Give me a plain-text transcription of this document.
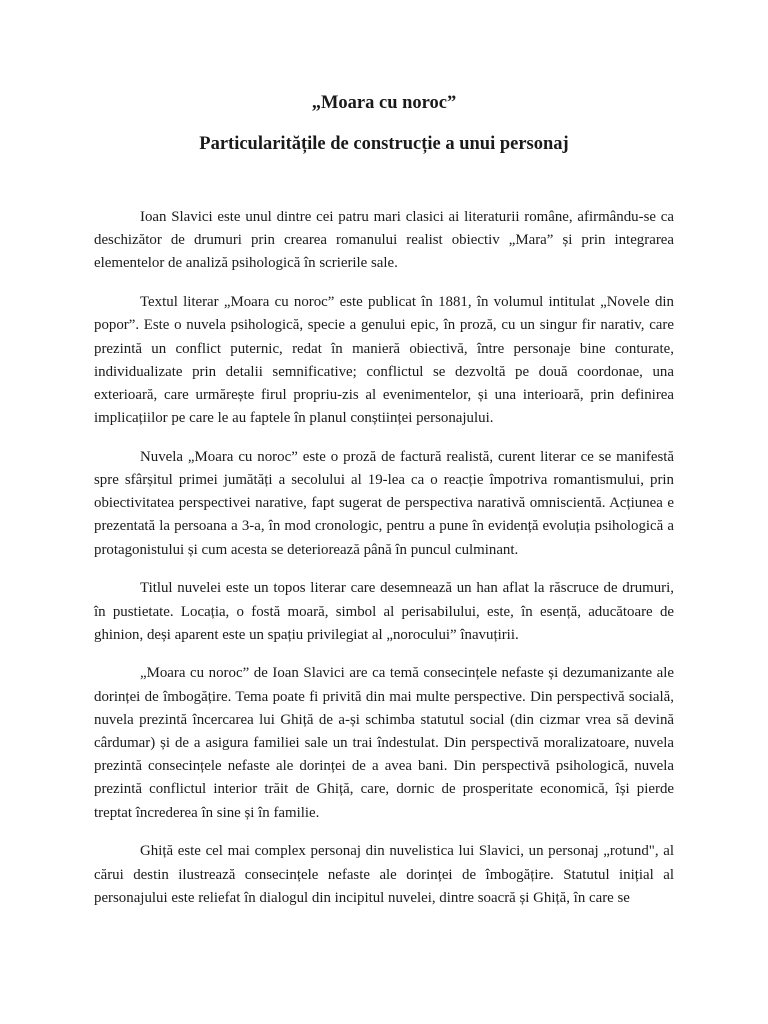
„Moara cu noroc”
Particularitățile de construcție a unui personaj

Ioan Slavici este unul dintre cei patru mari clasici ai literaturii române, afirmându-se ca deschizător de drumuri prin crearea romanului realist obiectiv „Mara” și prin integrarea elementelor de analiză psihologică în scrierile sale.

Textul literar „Moara cu noroc” este publicat în 1881, în volumul intitulat „Novele din popor”. Este o nuvela psihologică, specie a genului epic, în proză, cu un singur fir narativ, care prezintă un conflict puternic, redat în manieră obiectivă, între personaje bine conturate, individualizate prin detalii semnificative; conflictul se dezvoltă pe două coordonae, una exterioară, care urmărește firul propriu-zis al evenimentelor, și una interioară, prin definirea implicațiilor pe care le au faptele în planul conștiinței personajului.

Nuvela „Moara cu noroc” este o proză de factură realistă, curent literar ce se manifestă spre sfârșitul primei jumătăți a secolului al 19-lea ca o reacție împotriva romantismului, prin obiectivitatea perspectivei narative, fapt sugerat de perspectiva narativă omniscientă. Acțiunea e prezentată la persoana a 3-a, în mod cronologic, pentru a pune în evidență evoluția psihologică a protagonistului și cum acesta se deteriorează până în puncul culminant.

Titlul nuvelei este un topos literar care desemnează un han aflat la răscruce de drumuri, în pustietate. Locația, o fostă moară, simbol al perisabilului, este, în esență, aducătoare de ghinion, deși aparent este un spațiu privilegiat al „norocului” înavuțirii.

„Moara cu noroc” de Ioan Slavici are ca temă consecințele nefaste și dezumanizante ale dorinței de îmbogățire. Tema poate fi privită din mai multe perspective. Din perspectivă socială, nuvela prezintă încercarea lui Ghiță de a-și schimba statutul social (din cizmar vrea să devină cârdumar) și de a asigura familiei sale un trai îndestulat. Din perspectivă moralizatoare, nuvela prezintă consecințele nefaste ale dorinței de a avea bani. Din perspectivă psihologică, nuvela prezintă conflictul interior trăit de Ghiță, care, dornic de prosperitate economică, își pierde treptat încrederea în sine și în familie.

Ghiță este cel mai complex personaj din nuvelistica lui Slavici, un personaj „rotund", al cărui destin ilustrează consecințele nefaste ale dorinței de îmbogățire. Statutul inițial al personajului este reliefat în dialogul din incipitul nuvelei, dintre soacră și Ghiță, în care se
